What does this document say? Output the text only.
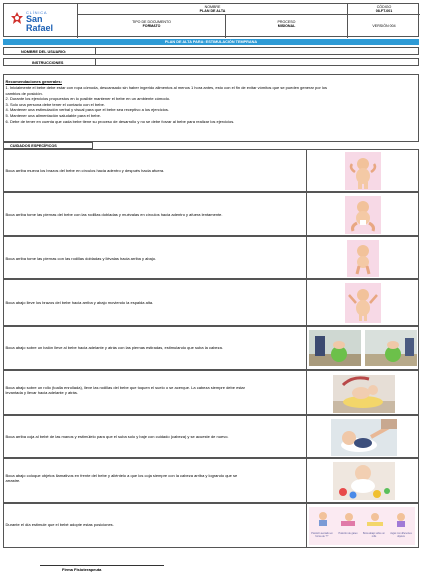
CLÍNICA
San
Rafael
NOMBRE
PLAN DE ALTA
CÓDIGO
08-FT-001
TIPO DE DOCUMENTO
FORMATO
PROCESO
MISIONAL	VERSIÓN 004
PLAN DE ALTA PARA: ESTIMULACIÓN TEMPRANA
NOMBRE DEL USUARIO:
INSTRUCCIONES
Recomendaciones generales:
1. Inicialmente el bebe debe estar con ropa cómoda, descansado sin haber ingerido alimentos al menos 1 hora antes, esto con el fin de evitar vómitos que se pueden generar por los
cambios de posición.
2. Durante los ejercicios propuestos en lo posible mantener el bebe en un ambiente cómodo.
3. Solo una persona debe tener el contacto con el bebe.
4. Mantener una estimulación verbal y visual para que el bebe sea receptivo a los ejercicios.
5. Mantener una alimentación saludable para el bebe.
6. Debe de tener en cuenta que cada bebe tiene su proceso de desarrollo y no se debe forzar al bebe para realizar los ejercicios.
CUIDADOS ESPECÍFICOS
Boca arriba mueva los brazos del bebe en círculos hacia adentro y después hacia afuera.
Boca arriba tome las piernas del bebe con las rodillas dobladas y muévalas en círculos hacia adentro y afuera lentamente.
Boca arriba tome las piernas con las rodillas dobladas y llévalas hacia arriba y abajo.
Boca abajo lleve los brazos del bebe hacia arriba y abajo moviendo la espalda alta.
Boca abajo sobre un balón lleve al bebe hacia adelante y atrás con las piernas estiradas, estimulando que suba la cabeza.
Boca abajo sobre un rollo (toalla enrollada), lleve las rodillas del bebe que toquen el suelo o se acerque. La cabeza siempre debe estar
levantada y llevar hacia adelante y atrás.
Boca arriba coja al bebé de las manos y estimúlelo para que el suba solo y baje con cuidado (cabeza) y se acueste de nuevo.
Boca abajo coloque objetos llamativos en frente del bebe y aliéntelo a que los coja siempre con la cabeza arriba y logrando que se
arrastre.
Durante el día estimule que el bebé adopte estas posiciones.
Posición sentado en forma de "T"
Posición de gateo	Boca abajo sobre un rollo
Jugar con diferentes objetos
Firma Fisioterapeuta
